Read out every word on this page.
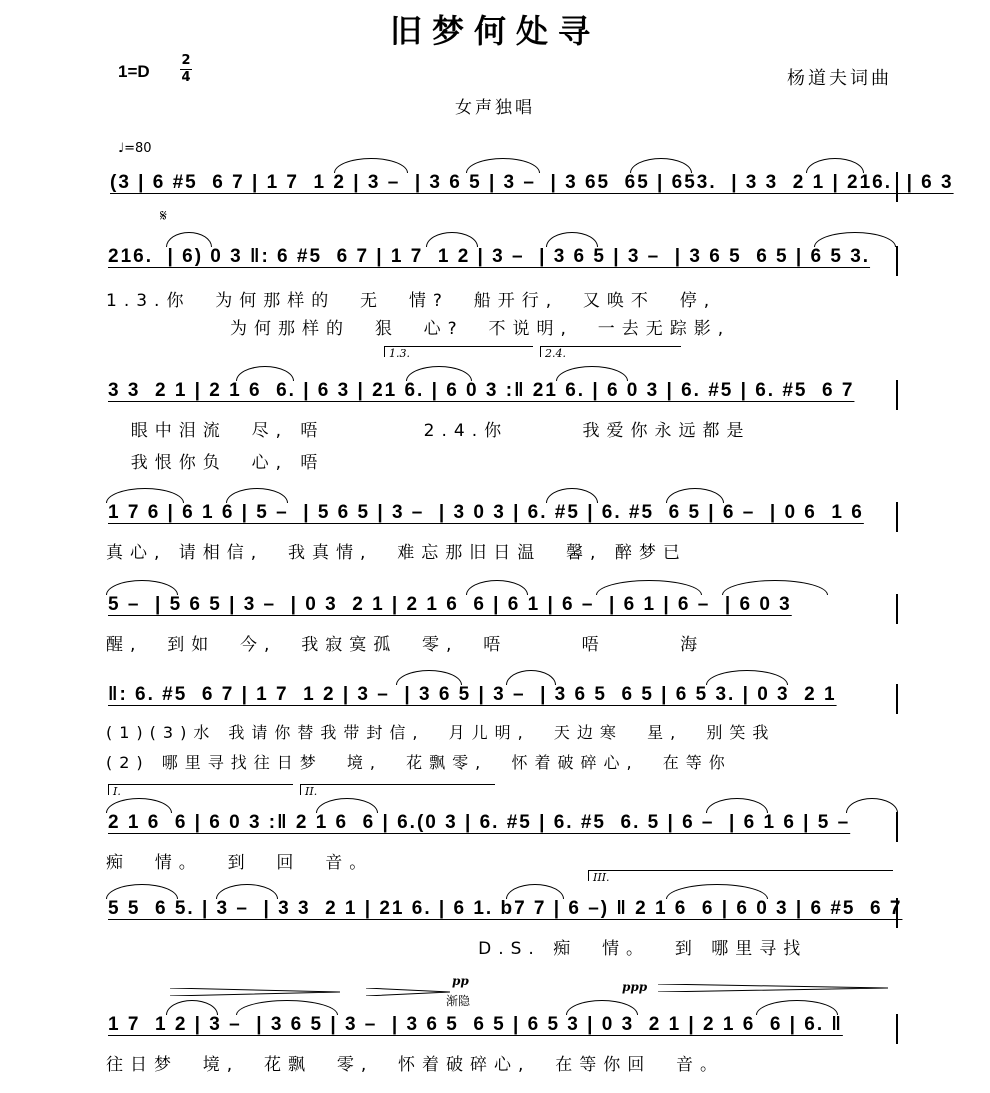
旧梦何处寻
1=D
2
4	杨道夫词曲
女声独唱
♩=80
(3 | 6 #5  6 7 | 1 7  1 2 | 3 –  | 3 6 5 | 3 –  | 3 65  65 | 653.  | 3 3  2 1 | 216.  | 6 3
𝄋
216.  | 6) 0 3 ‖: 6 #5  6 7 | 1 7  1 2 | 3 –  | 3 6 5 | 3 –  | 3 6 5  6 5 | 6 5 3.
1.3.你  为何那样的  无  情?  船开行,  又唤不  停,
为何那样的  狠  心?  不说明,  一去无踪影,
1.3.	2.4.
3 3  2 1 | 2 1 6  6. | 6 3 | 21 6. | 6 0 3 :‖ 21 6. | 6 0 3 | 6. #5 | 6. #5  6 7
眼中泪流  尽, 唔        2.4.你      我爱你永远都是
我恨你负  心, 唔
1 7 6 | 6 1 6 | 5 –  | 5 6 5 | 3 –  | 3 0 3 | 6. #5 | 6. #5  6 5 | 6 –  | 0 6  1 6
真心, 请相信,  我真情,  难忘那旧日温  馨, 醉梦已
5 –  | 5 6 5 | 3 –  | 0 3  2 1 | 2 1 6  6 | 6 1 | 6 –  | 6 1 | 6 –  | 6 0 3
醒,  到如  今,  我寂寞孤  零,  唔      唔      海
‖: 6. #5  6 7 | 1 7  1 2 | 3 –  | 3 6 5 | 3 –  | 3 6 5  6 5 | 6 5 3. | 0 3  2 1
(1)(3)水 我请你替我带封信,  月儿明,  天边寒  星,  别笑我
(2) 哪里寻找往日梦  境,  花飘零,  怀着破碎心,  在等你
I.	II.
2 1 6  6 | 6 0 3 :‖ 2 1 6  6 | 6.(0 3 | 6. #5 | 6. #5  6. 5 | 6 –  | 6 1 6 | 5 –
痴  情。  到  回  音。
III.
5 5  6 5. | 3 –  | 3 3  2 1 | 21 6. | 6 1. b7 7 | 6 –) ‖ 2 1 6  6 | 6 0 3 | 6 #5  6 7
D.S. 痴  情。  到 哪里寻找
pp
渐隐
ppp
1 7  1 2 | 3 –  | 3 6 5 | 3 –  | 3 6 5  6 5 | 6 5 3 | 0 3  2 1 | 2 1 6  6 | 6. ‖
往日梦  境,  花飘  零,  怀着破碎心,  在等你回  音。
